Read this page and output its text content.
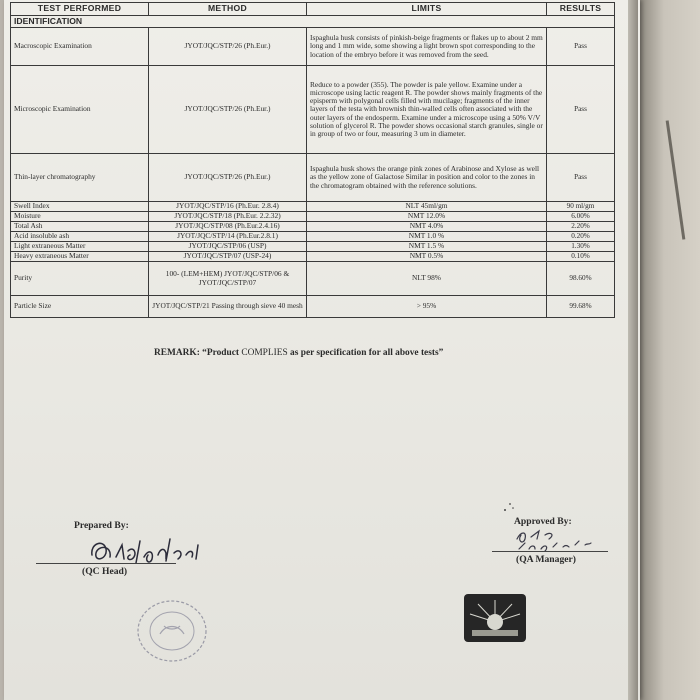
TEST PERFORMED	METHOD	LIMITS	RESULTS
IDENTIFICATION			
Macroscopic Examination	JYOT/JQC/STP/26 (Ph.Eur.)	Ispaghula husk consists of pinkish-beige fragments or flakes up to about 2 mm long and 1 mm wide, some showing a light brown spot corresponding to the location of the embryo before it was removed from the seed.	Pass
Microscopic Examination	JYOT/JQC/STP/26 (Ph.Eur.)	Reduce to a powder (355). The powder is pale yellow. Examine under a microscope using lactic reagent R. The powder shows mainly fragments of the episperm with polygonal cells filled with mucilage; fragments of the inner layers of the testa with brownish thin-walled cells often associated with the outer layers of the endosperm. Examine under a microscope using a 50% V/V solution of glycerol R. The powder shows occasional starch granules, single or in group of two or four, measuring 3 um in diameter.	Pass
Thin-layer chromatography	JYOT/JQC/STP/26 (Ph.Eur.)	Ispaghula husk shows the orange pink zones of Arabinose and Xylose as well as the yellow zone of Galactose Similar in position and color to the zones in the chromatogram obtained with the reference solutions.	Pass
Swell Index	JYOT/JQC/STP/16 (Ph.Eur. 2.8.4)	NLT 45ml/gm	90 ml/gm
Moisture	JYOT/JQC/STP/18 (Ph.Eur. 2.2.32)	NMT 12.0%	6.00%
Total Ash	JYOT/JQC/STP/08 (Ph.Eur.2.4.16)	NMT 4.0%	2.20%
Acid insoluble ash	JYOT/JQC/STP/14 (Ph.Eur.2.8.1)	NMT 1.0 %	0.20%
Light extraneous Matter	JYOT/JQC/STP/06 (USP)	NMT 1.5 %	1.30%
Heavy extraneous Matter	JYOT/JQC/STP/07 (USP-24)	NMT 0.5%	0.10%
Purity	100- (LEM+HEM) JYOT/JQC/STP/06 & JYOT/JQC/STP/07	NLT 98%	98.60%
Particle Size	JYOT/JQC/STP/21 Passing through sieve 40 mesh	> 95%	99.68%
REMARK: “Product COMPLIES as per specification for all above tests”
Prepared By:
(QC Head)
Approved By:
(QA Manager)
